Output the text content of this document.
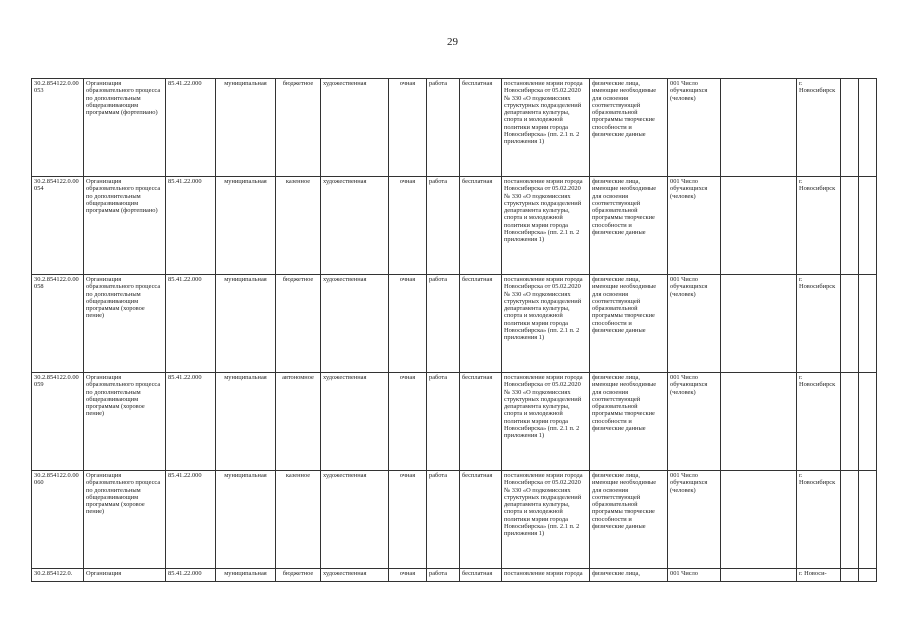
29
30.2.854122.0.00053	Организация образовательного процесса по дополнительным общеразвивающим программам (фортепиано)	85.41.22.000	муниципальная	бюджетное	художественная	очная	работа	бесплатная	постановление мэрии города Новосибирска от 05.02.2020 № 330 «О подкомиссиях структурных подразделений департамента культуры, спорта и молодежной политики мэрии города Новосибирска» (пп. 2.1 п. 2 приложения 1)	физические лица, имеющие необходимые для освоения соответствующей образовательной программы творческие способности и физические данные	001 Число обучающихся (человек)		г. Новосибирск		
30.2.854122.0.00054	Организация образовательного процесса по дополнительным общеразвивающим программам (фортепиано)	85.41.22.000	муниципальная	казенное	художественная	очная	работа	бесплатная	постановление мэрии города Новосибирска от 05.02.2020 № 330 «О подкомиссиях структурных подразделений департамента культуры, спорта и молодежной политики мэрии города Новосибирска» (пп. 2.1 п. 2 приложения 1)	физические лица, имеющие необходимые для освоения соответствующей образовательной программы творческие способности и физические данные	001 Число обучающихся (человек)		г. Новосибирск		
30.2.854122.0.00058	Организация образовательного процесса по дополнительным общеразвивающим программам (хоровое пение)	85.41.22.000	муниципальная	бюджетное	художественная	очная	работа	бесплатная	постановление мэрии города Новосибирска от 05.02.2020 № 330 «О подкомиссиях структурных подразделений департамента культуры, спорта и молодежной политики мэрии города Новосибирска» (пп. 2.1 п. 2 приложения 1)	физические лица, имеющие необходимые для освоения соответствующей образовательной программы творческие способности и физические данные	001 Число обучающихся (человек)		г. Новосибирск		
30.2.854122.0.00059	Организация образовательного процесса по дополнительным общеразвивающим программам (хоровое пение)	85.41.22.000	муниципальная	автономное	художественная	очная	работа	бесплатная	постановление мэрии города Новосибирска от 05.02.2020 № 330 «О подкомиссиях структурных подразделений департамента культуры, спорта и молодежной политики мэрии города Новосибирска» (пп. 2.1 п. 2 приложения 1)	физические лица, имеющие необходимые для освоения соответствующей образовательной программы творческие способности и физические данные	001 Число обучающихся (человек)		г. Новосибирск		
30.2.854122.0.00060	Организация образовательного процесса по дополнительным общеразвивающим программам (хоровое пение)	85.41.22.000	муниципальная	казенное	художественная	очная	работа	бесплатная	постановление мэрии города Новосибирска от 05.02.2020 № 330 «О подкомиссиях структурных подразделений департамента культуры, спорта и молодежной политики мэрии города Новосибирска» (пп. 2.1 п. 2 приложения 1)	физические лица, имеющие необходимые для освоения соответствующей образовательной программы творческие способности и физические данные	001 Число обучающихся (человек)		г. Новосибирск		
30.2.854122.0.	Организация	85.41.22.000	муниципальная	бюджетное	художественная	очная	работа	бесплатная	постановление мэрии города	физические лица,	001 Число		г. Новоси-		
